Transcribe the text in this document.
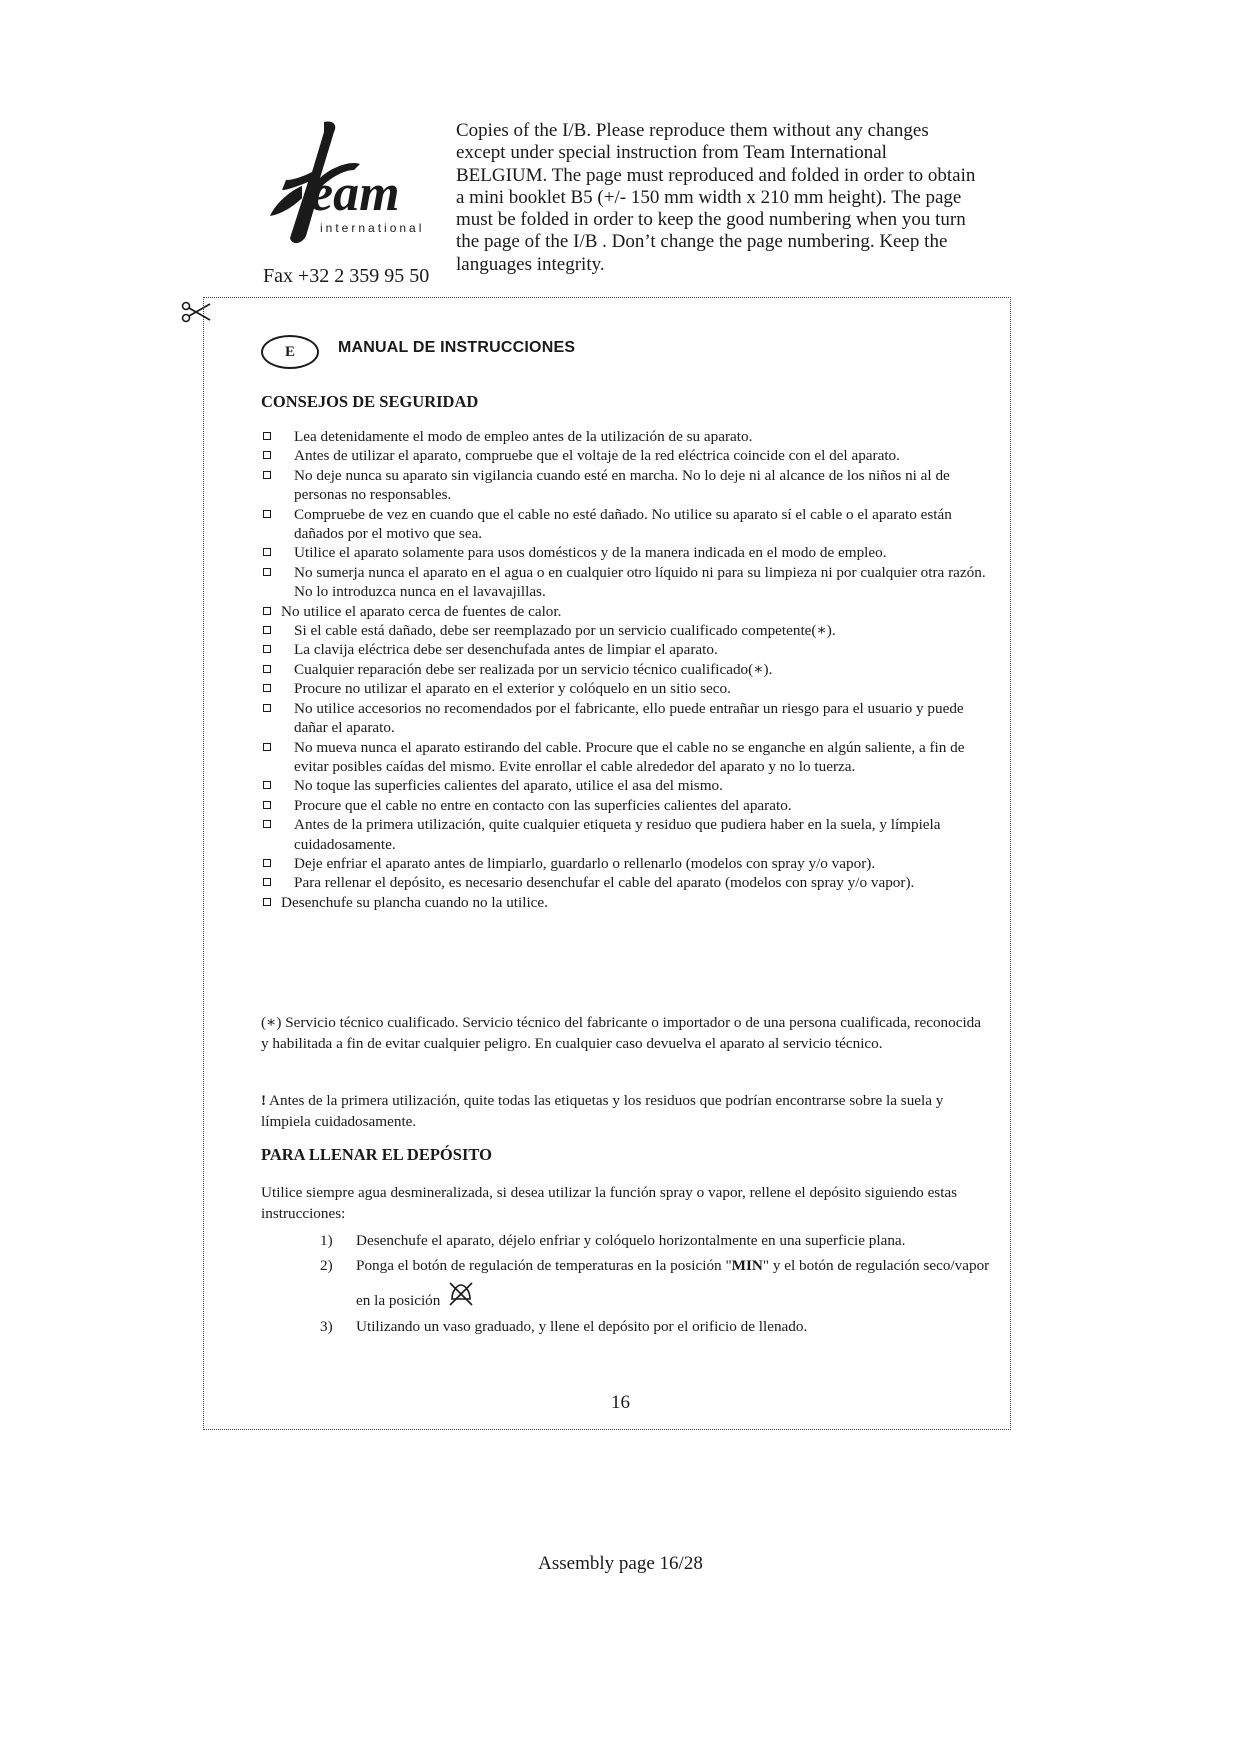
eam
international
Fax +32 2 359 95 50

Copies of the I/B. Please reproduce them without any changes except under special instruction from Team International BELGIUM. The page must reproduced and folded in order to obtain a mini booklet B5 (+/- 150 mm width x 210 mm height). The page must be folded in order to keep the good numbering when you turn the page of the I/B . Don’t change the page numbering. Keep the languages integrity.

E	MANUAL DE INSTRUCCIONES
CONSEJOS DE SEGURIDAD
Lea detenidamente el modo de empleo antes de la utilización de su aparato.
Antes de utilizar el aparato, compruebe que el voltaje de la red eléctrica coincide con el del aparato.
No deje nunca su aparato sin vigilancia cuando esté en marcha. No lo deje ni al alcance de los niños ni al de personas no responsables.
Compruebe de vez en cuando que el cable no esté dañado. No utilice su aparato sí el cable o el aparato están dañados por el motivo que sea.
Utilice el aparato solamente para usos domésticos y de la manera indicada en el modo de empleo.
No sumerja nunca el aparato en el agua o en cualquier otro líquido ni para su limpieza ni por cualquier otra razón. No lo introduzca nunca en el lavavajillas.
No utilice el aparato cerca de fuentes de calor.
Si el cable está dañado, debe ser reemplazado por un servicio cualificado competente(∗).
La clavija eléctrica debe ser desenchufada antes de limpiar el aparato.
Cualquier reparación debe ser realizada por un servicio técnico cualificado(∗).
Procure no utilizar el aparato en el exterior y colóquelo en un sitio seco.
No utilice accesorios no recomendados por el fabricante, ello puede entrañar un riesgo para el usuario y puede dañar el aparato.
No mueva nunca el aparato estirando del cable. Procure que el cable no se enganche en algún saliente, a fin de evitar posibles caídas del mismo. Evite enrollar el cable alrededor del aparato y no lo tuerza.
No toque las superficies calientes del aparato, utilice el asa del mismo.
Procure que el cable no entre en contacto con las superficies calientes del aparato.
Antes de la primera utilización, quite cualquier etiqueta y residuo que pudiera haber en la suela, y límpiela cuidadosamente.
Deje enfriar el aparato antes de limpiarlo, guardarlo o rellenarlo (modelos con spray y/o vapor).
Para rellenar el depósito, es necesario desenchufar el cable del aparato (modelos con spray y/o vapor).
Desenchufe su plancha cuando no la utilice.

(∗) Servicio técnico cualificado. Servicio técnico del fabricante o importador o de una persona cualificada, reconocida y habilitada a fin de evitar cualquier peligro. En cualquier caso devuelva el aparato al servicio técnico.

! Antes de la primera utilización, quite todas las etiquetas y los residuos que podrían encontrarse sobre la suela y límpiela cuidadosamente.

PARA LLENAR EL DEPÓSITO

Utilice siempre agua desmineralizada, si desea utilizar la función spray o vapor, rellene el depósito siguiendo estas instrucciones:

1) Desenchufe el aparato, déjelo enfriar y colóquelo horizontalmente en una superficie plana.
2) Ponga el botón de regulación de temperaturas en la posición "MIN" y el botón de regulación seco/vapor en la posición
3) Utilizando un vaso graduado, y llene el depósito por el orificio de llenado.
16
Assembly page 16/28
